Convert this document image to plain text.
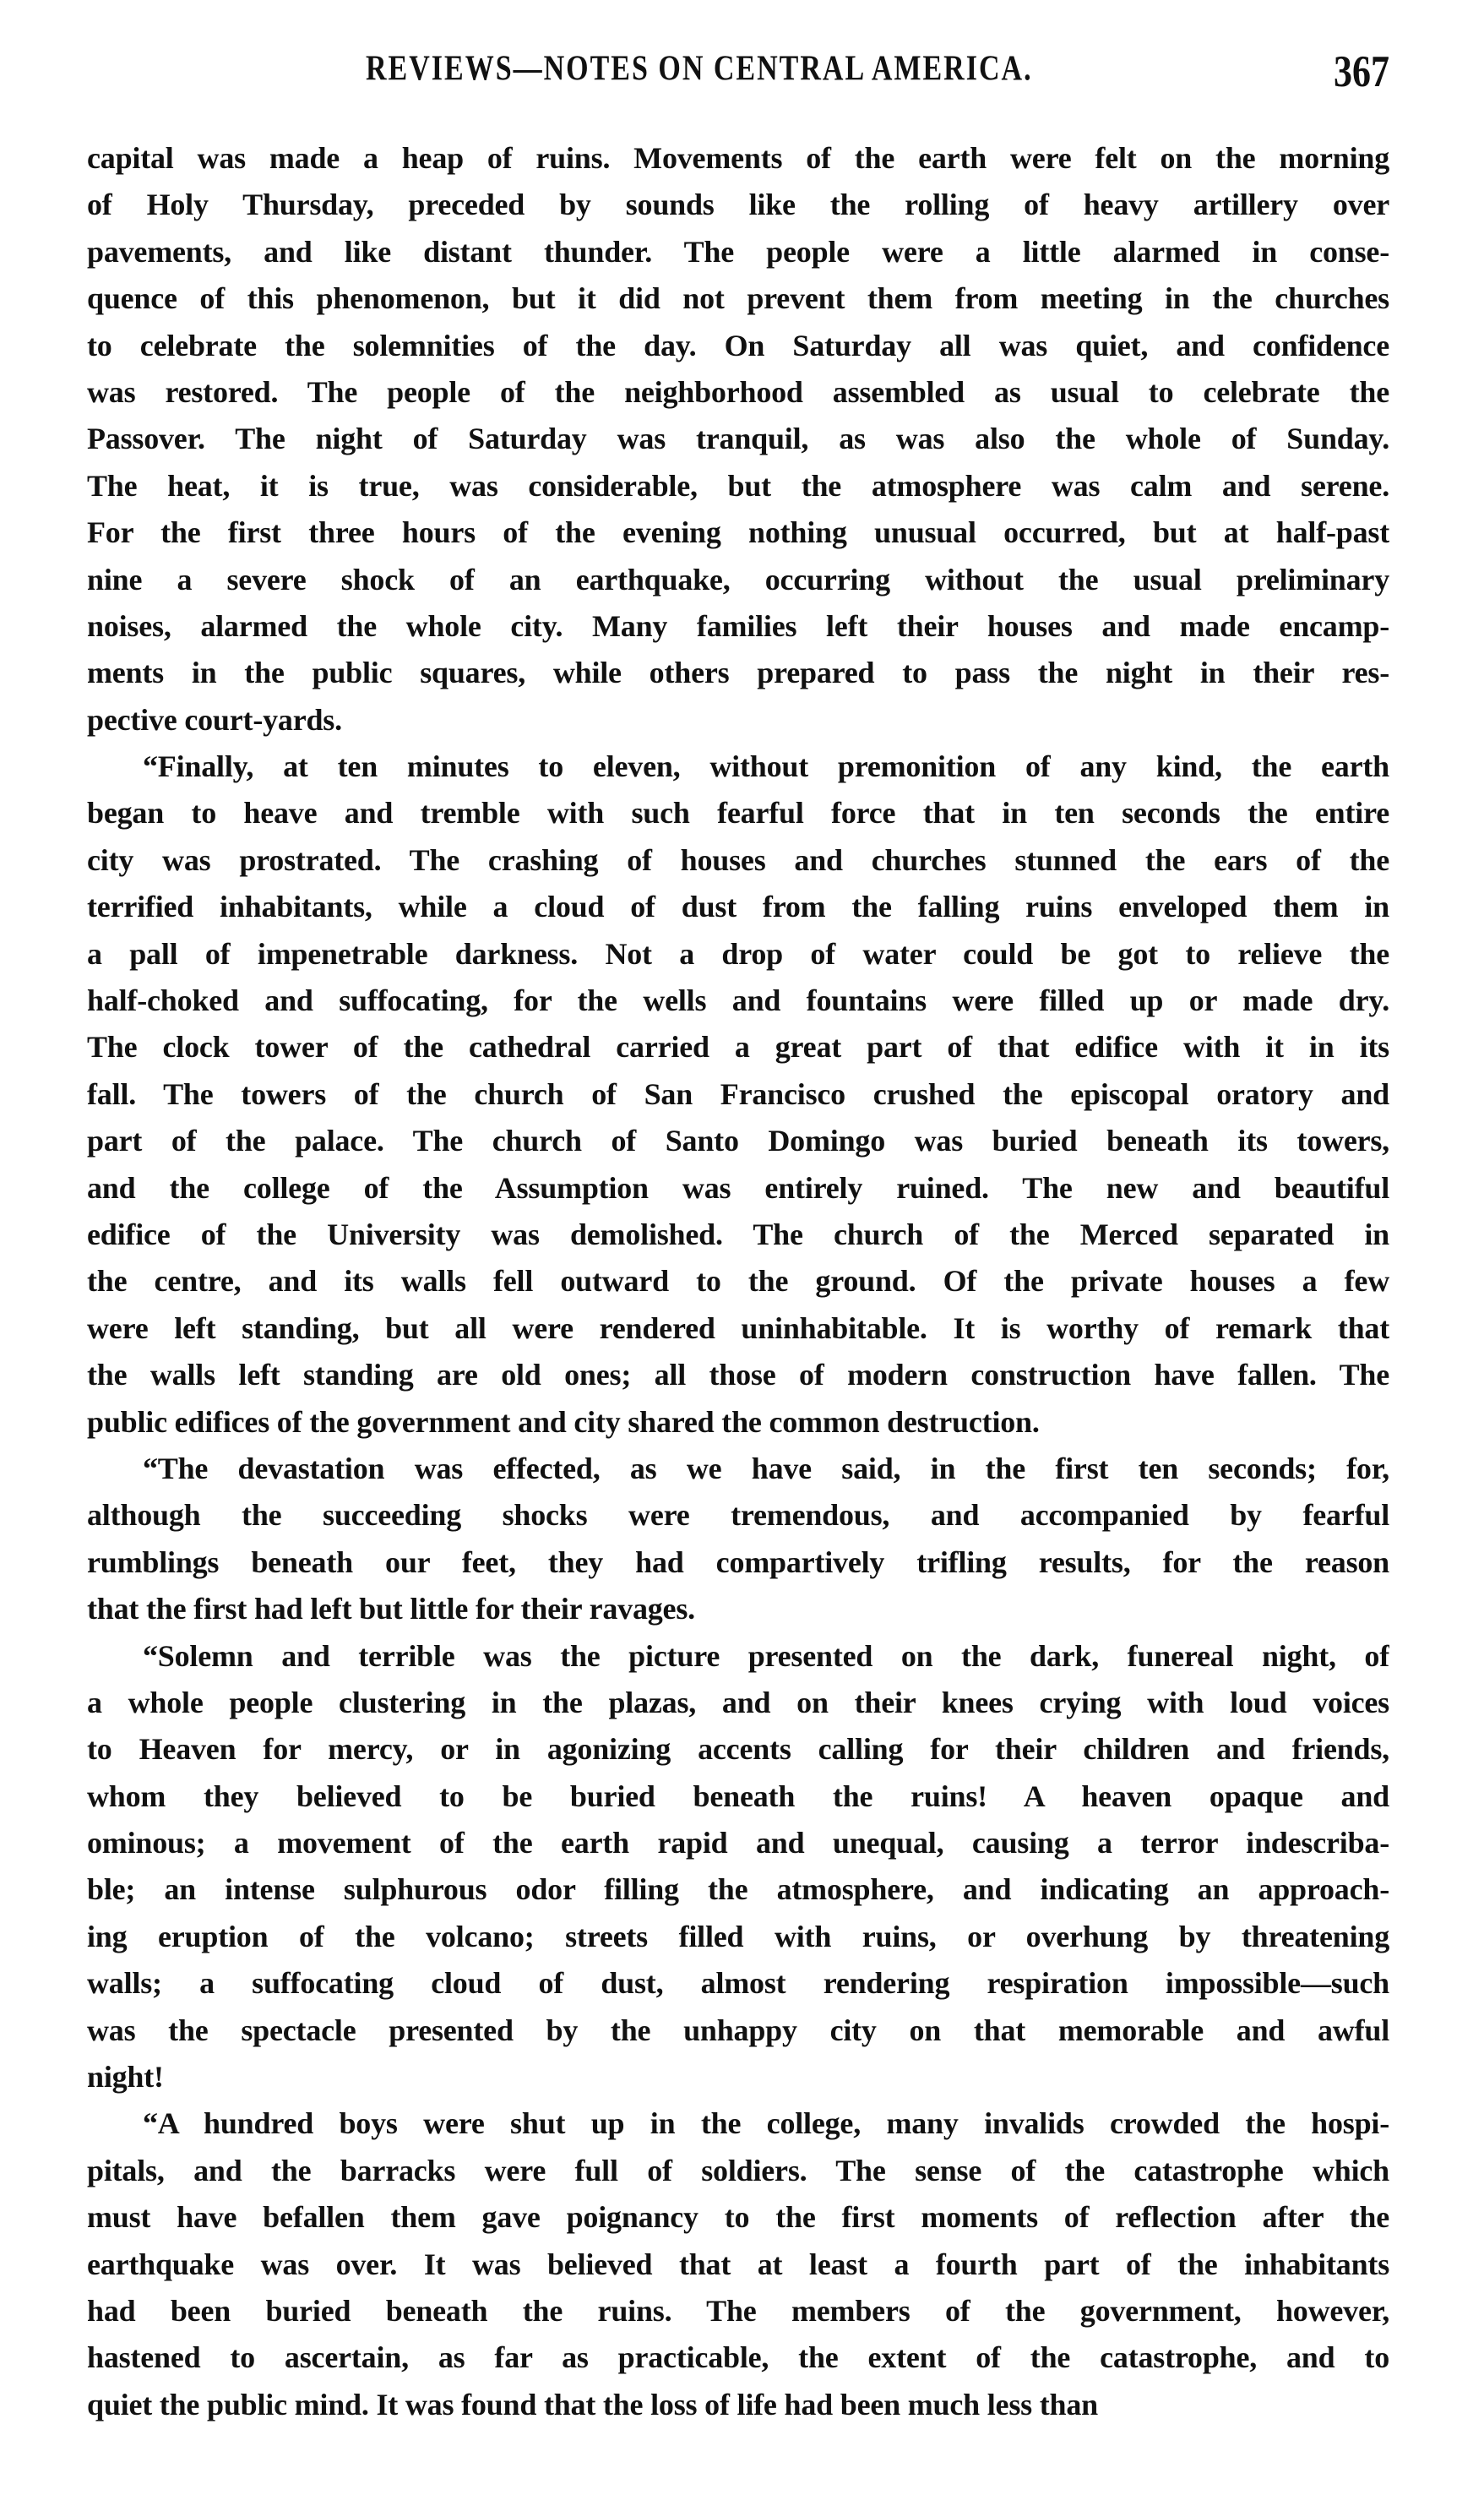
REVIEWS—NOTES ON CENTRAL AMERICA.	367
capital was made a heap of ruins. Movements of the earth were felt on the morning
of Holy Thursday, preceded by sounds like the rolling of heavy artillery over
pavements, and like distant thunder. The people were a little alarmed in conse-
quence of this phenomenon, but it did not prevent them from meeting in the churches
to celebrate the solemnities of the day. On Saturday all was quiet, and confidence
was restored. The people of the neighborhood assembled as usual to celebrate the
Passover. The night of Saturday was tranquil, as was also the whole of Sunday.
The heat, it is true, was considerable, but the atmosphere was calm and serene.
For the first three hours of the evening nothing unusual occurred, but at half-past
nine a severe shock of an earthquake, occurring without the usual preliminary
noises, alarmed the whole city. Many families left their houses and made encamp-
ments in the public squares, while others prepared to pass the night in their res-
pective court-yards.
“Finally, at ten minutes to eleven, without premonition of any kind, the earth
began to heave and tremble with such fearful force that in ten seconds the entire
city was prostrated. The crashing of houses and churches stunned the ears of the
terrified inhabitants, while a cloud of dust from the falling ruins enveloped them in
a pall of impenetrable darkness. Not a drop of water could be got to relieve the
half-choked and suffocating, for the wells and fountains were filled up or made dry.
The clock tower of the cathedral carried a great part of that edifice with it in its
fall. The towers of the church of San Francisco crushed the episcopal oratory and
part of the palace. The church of Santo Domingo was buried beneath its towers,
and the college of the Assumption was entirely ruined. The new and beautiful
edifice of the University was demolished. The church of the Merced separated in
the centre, and its walls fell outward to the ground. Of the private houses a few
were left standing, but all were rendered uninhabitable. It is worthy of remark that
the walls left standing are old ones; all those of modern construction have fallen. The
public edifices of the government and city shared the common destruction.
“The devastation was effected, as we have said, in the first ten seconds; for,
although the succeeding shocks were tremendous, and accompanied by fearful
rumblings beneath our feet, they had compartively trifling results, for the reason
that the first had left but little for their ravages.
“Solemn and terrible was the picture presented on the dark, funereal night, of
a whole people clustering in the plazas, and on their knees crying with loud voices
to Heaven for mercy, or in agonizing accents calling for their children and friends,
whom they believed to be buried beneath the ruins! A heaven opaque and
ominous; a movement of the earth rapid and unequal, causing a terror indescriba-
ble; an intense sulphurous odor filling the atmosphere, and indicating an approach-
ing eruption of the volcano; streets filled with ruins, or overhung by threatening
walls; a suffocating cloud of dust, almost rendering respiration impossible—such
was the spectacle presented by the unhappy city on that memorable and awful
night!
“A hundred boys were shut up in the college, many invalids crowded the hospi-
pitals, and the barracks were full of soldiers. The sense of the catastrophe which
must have befallen them gave poignancy to the first moments of reflection after the
earthquake was over. It was believed that at least a fourth part of the inhabitants
had been buried beneath the ruins. The members of the government, however,
hastened to ascertain, as far as practicable, the extent of the catastrophe, and to
quiet the public mind. It was found that the loss of life had been much less than
